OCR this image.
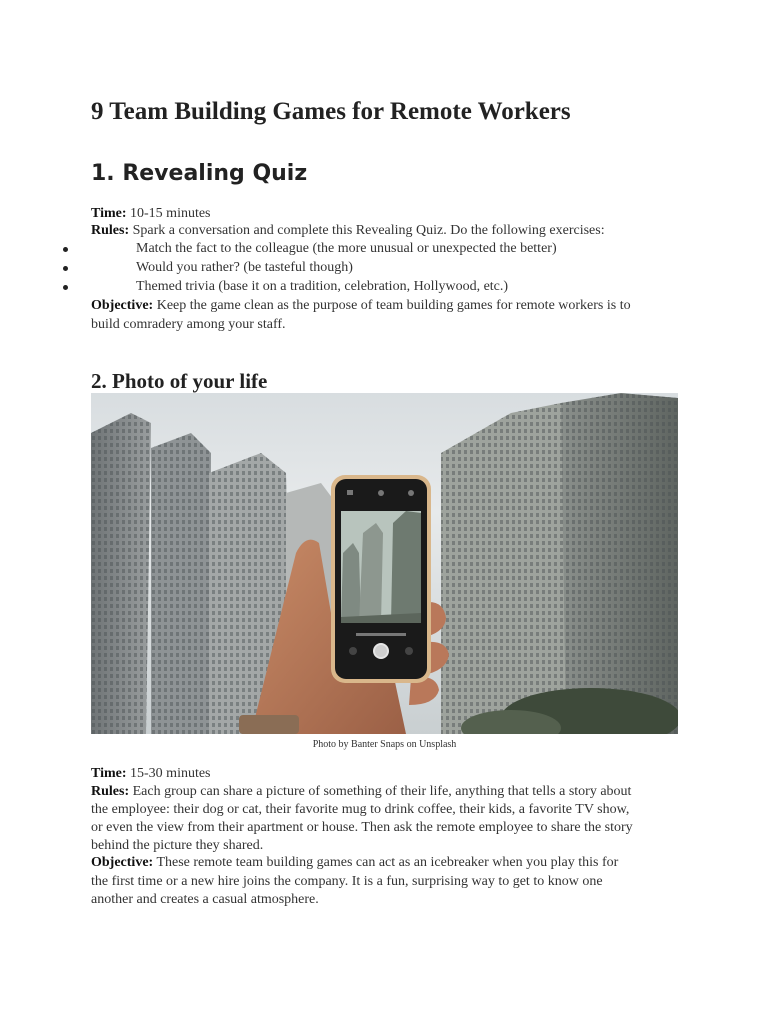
9 Team Building Games for Remote Workers
1. Revealing Quiz
Time: 10-15 minutes
Rules: Spark a conversation and complete this Revealing Quiz. Do the following exercises:
Match the fact to the colleague (the more unusual or unexpected the better)
Would you rather? (be tasteful though)
Themed trivia (base it on a tradition, celebration, Hollywood, etc.)
Objective: Keep the game clean as the purpose of team building games for remote workers is to
build comradery among your staff.
2. Photo of your life
Photo by Banter Snaps on Unsplash
Time: 15-30 minutes
Rules: Each group can share a picture of something of their life, anything that tells a story about
the employee: their dog or cat, their favorite mug to drink coffee, their kids, a favorite TV show,
or even the view from their apartment or house. Then ask the remote employee to share the story
behind the picture they shared.
Objective: These remote team building games can act as an icebreaker when you play this for
the first time or a new hire joins the company. It is a fun, surprising way to get to know one
another and creates a casual atmosphere.
